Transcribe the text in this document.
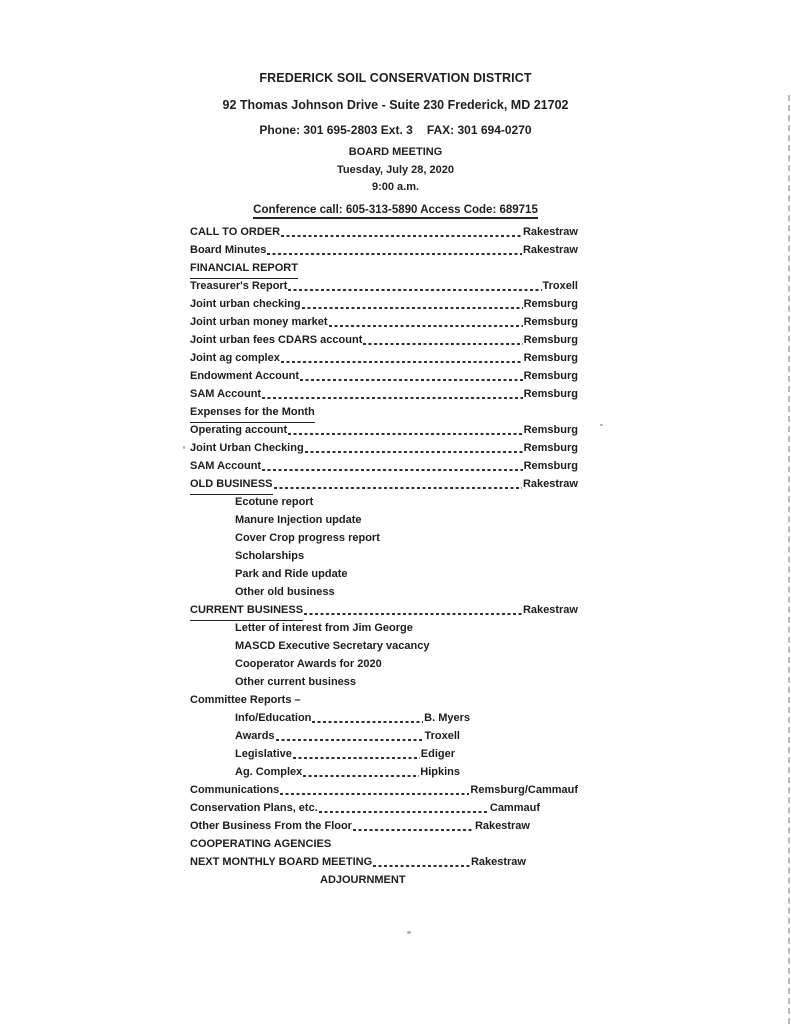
FREDERICK SOIL CONSERVATION DISTRICT
92 Thomas Johnson Drive - Suite 230 Frederick, MD 21702
Phone: 301 695-2803 Ext. 3 FAX: 301 694-0270
BOARD MEETING
Tuesday, July 28, 2020
9:00 a.m.
Conference call: 605-313-5890 Access Code: 689715
CALL TO ORDER	Rakestraw
Board Minutes	Rakestraw
FINANCIAL REPORT
Treasurer's Report	Troxell
Joint urban checking	Remsburg
Joint urban money market	Remsburg
Joint urban fees CDARS account	Remsburg
Joint ag complex	Remsburg
Endowment Account	Remsburg
SAM Account	Remsburg
Expenses for the Month
Operating account	Remsburg
Joint Urban Checking	Remsburg
SAM Account	Remsburg
OLD BUSINESS	Rakestraw
Ecotune report
Manure Injection update
Cover Crop progress report
Scholarships
Park and Ride update
Other old business
CURRENT BUSINESS	Rakestraw
Letter of interest from Jim George
MASCD Executive Secretary vacancy
Cooperator Awards for 2020
Other current business
Committee Reports –
Info/Education	B. Myers
Awards	Troxell
Legislative	Ediger
Ag. Complex	Hipkins
Communications	Remsburg/Cammauf
Conservation Plans, etc.	Cammauf
Other Business From the Floor	Rakestraw
COOPERATING AGENCIES
NEXT MONTHLY BOARD MEETING	Rakestraw
ADJOURNMENT
